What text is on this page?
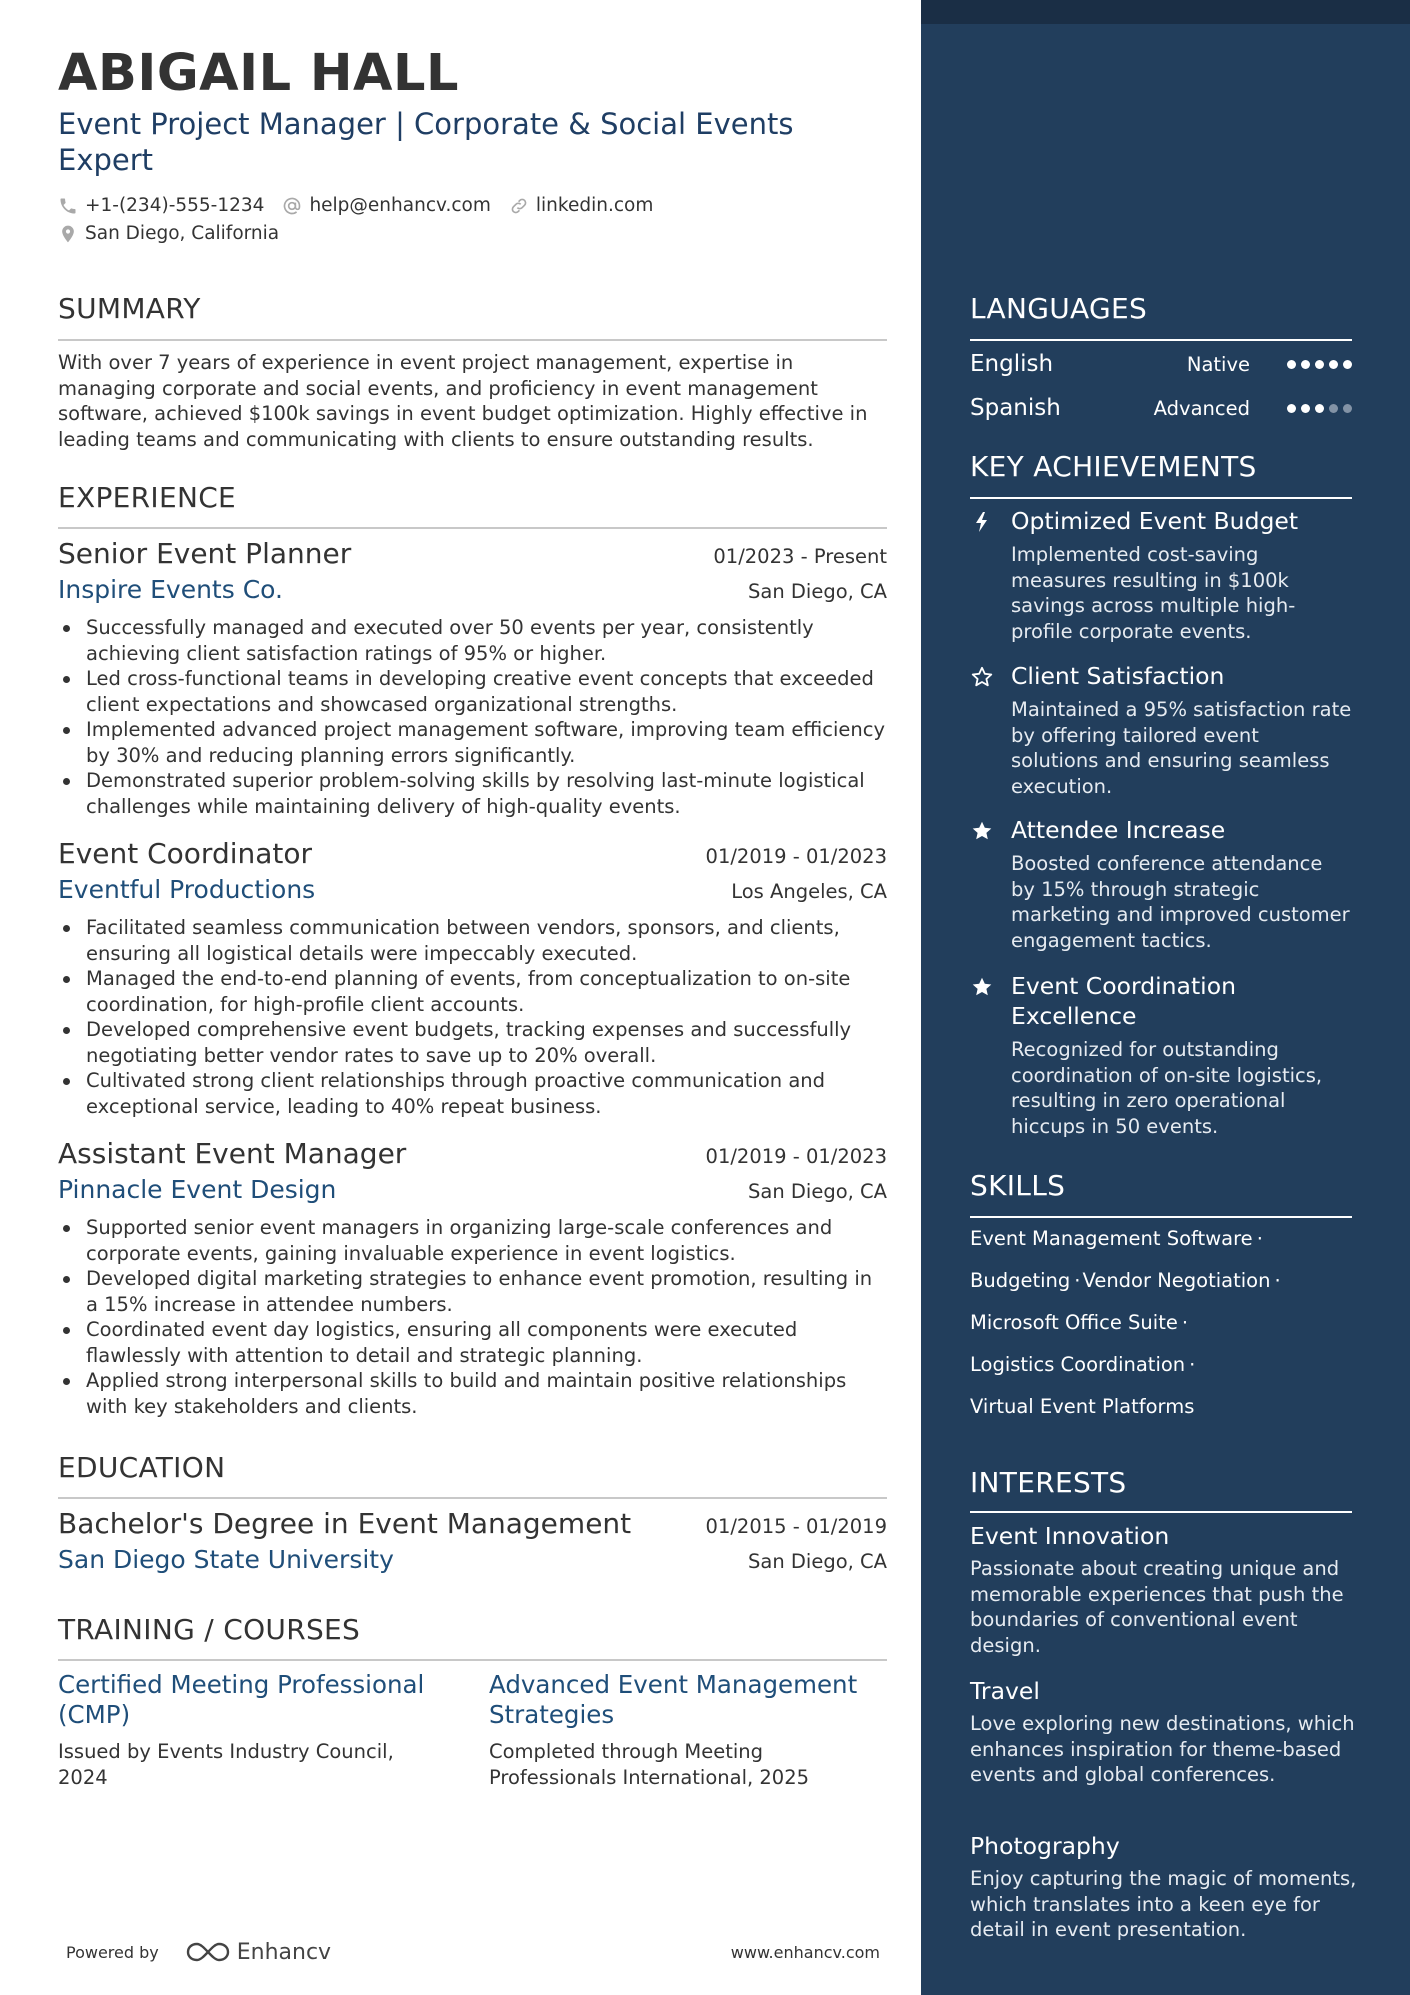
ABIGAIL HALL
Event Project Manager | Corporate & Social Events Expert
+1-(234)-555-1234 help@enhancv.com linkedin.com
San Diego, California
SUMMARY
With over 7 years of experience in event project management, expertise in managing corporate and social events, and proficiency in event management software, achieved $100k savings in event budget optimization. Highly effective in leading teams and communicating with clients to ensure outstanding results.
EXPERIENCE
Senior Event Planner	01/2023 - Present
Inspire Events Co.	San Diego, CA
Successfully managed and executed over 50 events per year, consistently achieving client satisfaction ratings of 95% or higher.
Led cross-functional teams in developing creative event concepts that exceeded client expectations and showcased organizational strengths.
Implemented advanced project management software, improving team efficiency by 30% and reducing planning errors significantly.
Demonstrated superior problem-solving skills by resolving last-minute logistical challenges while maintaining delivery of high-quality events.
Event Coordinator	01/2019 - 01/2023
Eventful Productions	Los Angeles, CA
Facilitated seamless communication between vendors, sponsors, and clients, ensuring all logistical details were impeccably executed.
Managed the end-to-end planning of events, from conceptualization to on-site coordination, for high-profile client accounts.
Developed comprehensive event budgets, tracking expenses and successfully negotiating better vendor rates to save up to 20% overall.
Cultivated strong client relationships through proactive communication and exceptional service, leading to 40% repeat business.
Assistant Event Manager	01/2019 - 01/2023
Pinnacle Event Design	San Diego, CA
Supported senior event managers in organizing large-scale conferences and corporate events, gaining invaluable experience in event logistics.
Developed digital marketing strategies to enhance event promotion, resulting in a 15% increase in attendee numbers.
Coordinated event day logistics, ensuring all components were executed flawlessly with attention to detail and strategic planning.
Applied strong interpersonal skills to build and maintain positive relationships with key stakeholders and clients.
EDUCATION
Bachelor's Degree in Event Management	01/2015 - 01/2019
San Diego State University	San Diego, CA
TRAINING / COURSES
Certified Meeting Professional (CMP)
Issued by Events Industry Council, 2024
Advanced Event Management Strategies
Completed through Meeting Professionals International, 2025
Powered by	Enhancv	www.enhancv.com
LANGUAGES
English	Native
Spanish	Advanced
KEY ACHIEVEMENTS
Optimized Event Budget
Implemented cost-saving measures resulting in $100k savings across multiple high-profile corporate events.
Client Satisfaction
Maintained a 95% satisfaction rate by offering tailored event solutions and ensuring seamless execution.
Attendee Increase
Boosted conference attendance by 15% through strategic marketing and improved customer engagement tactics.
Event Coordination Excellence
Recognized for outstanding coordination of on-site logistics, resulting in zero operational hiccups in 50 events.
SKILLS
Event Management Software ·
Budgeting · Vendor Negotiation ·
Microsoft Office Suite ·
Logistics Coordination ·
Virtual Event Platforms
INTERESTS
Event Innovation
Passionate about creating unique and memorable experiences that push the boundaries of conventional event design.
Travel
Love exploring new destinations, which enhances inspiration for theme-based events and global conferences.
Photography
Enjoy capturing the magic of moments, which translates into a keen eye for detail in event presentation.
